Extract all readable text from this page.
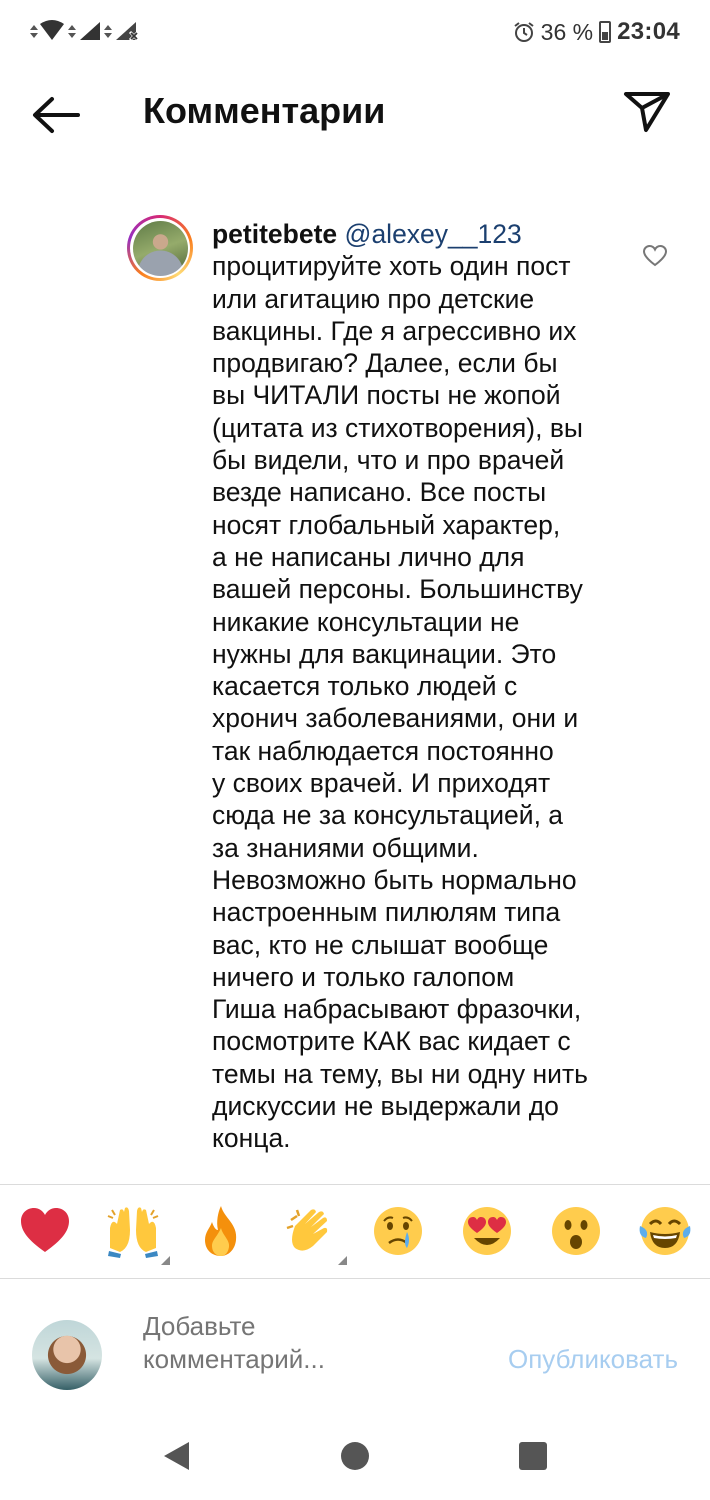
36 % 23:04
Комментарии
petitebete @alexey__123
процитируйте хоть один пост
или агитацию про детские
вакцины. Где я агрессивно их
продвигаю? Далее, если бы
вы ЧИТАЛИ посты не жопой
(цитата из стихотворения), вы
бы видели, что и про врачей
везде написано. Все посты
носят глобальный характер,
а не написаны лично для
вашей персоны. Большинству
никакие консультации не
нужны для вакцинации. Это
касается только людей с
хронич заболеваниями, они и
так наблюдается постоянно
у своих врачей. И приходят
сюда не за консультацией, а
за знаниями общими.
Невозможно быть нормально
настроенным пилюлям типа
вас, кто не слышат вообще
ничего и только галопом
Гиша набрасывают фразочки,
посмотрите КАК вас кидает с
темы на тему, вы ни одну нить
дискуссии не выдержали до
конца.
Добавьте комментарий...
Опубликовать
